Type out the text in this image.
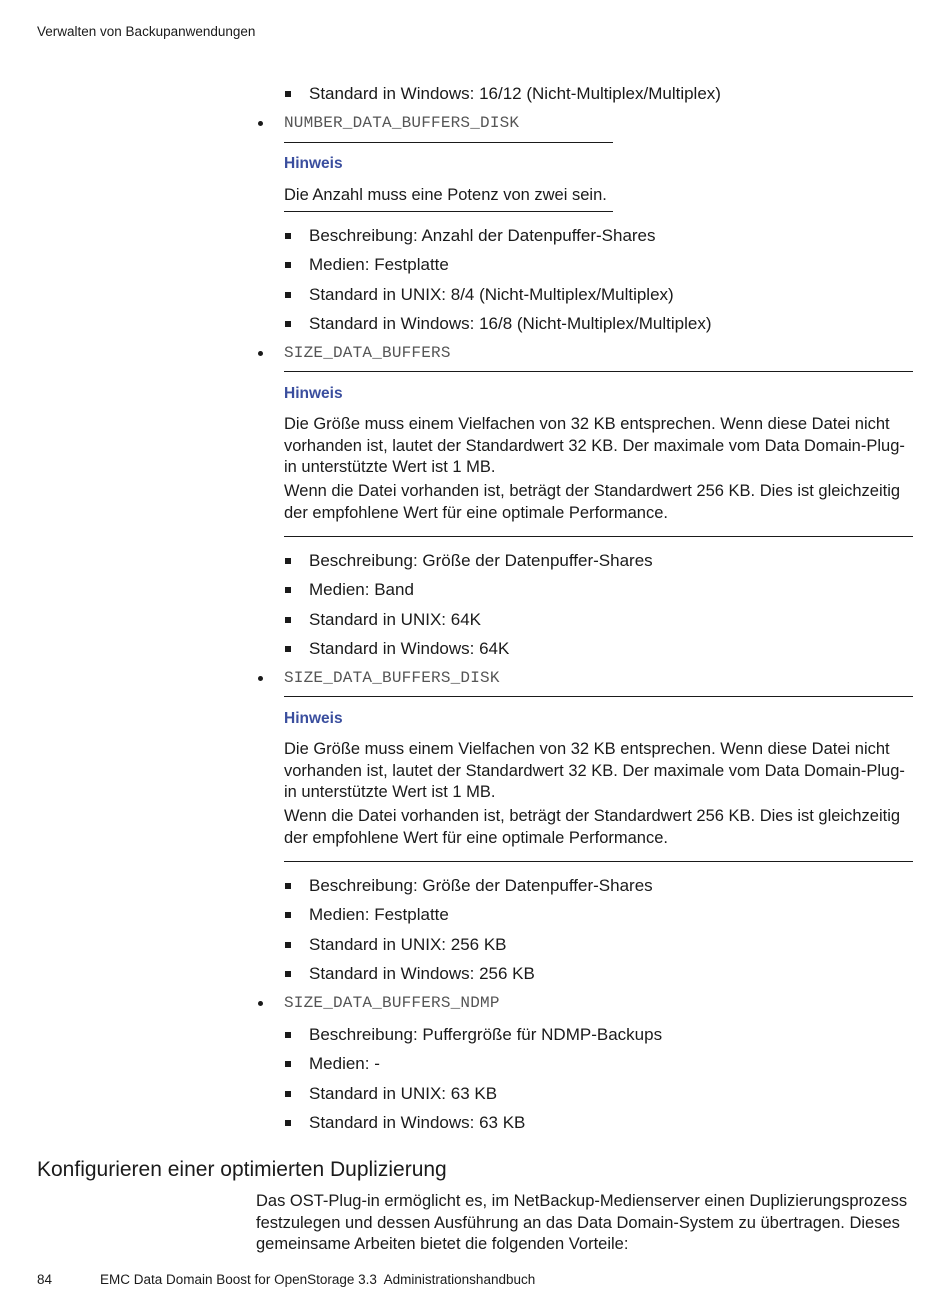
Verwalten von Backupanwendungen
Standard in Windows: 16/12 (Nicht-Multiplex/Multiplex)
NUMBER_DATA_BUFFERS_DISK
Hinweis
Die Anzahl muss eine Potenz von zwei sein.
Beschreibung: Anzahl der Datenpuffer-Shares
Medien: Festplatte
Standard in UNIX: 8/4 (Nicht-Multiplex/Multiplex)
Standard in Windows: 16/8 (Nicht-Multiplex/Multiplex)
SIZE_DATA_BUFFERS
Hinweis
Die Größe muss einem Vielfachen von 32 KB entsprechen. Wenn diese Datei nicht vorhanden ist, lautet der Standardwert 32 KB. Der maximale vom Data Domain-Plug-in unterstützte Wert ist 1 MB.
Wenn die Datei vorhanden ist, beträgt der Standardwert 256 KB. Dies ist gleichzeitig der empfohlene Wert für eine optimale Performance.
Beschreibung: Größe der Datenpuffer-Shares
Medien: Band
Standard in UNIX: 64K
Standard in Windows: 64K
SIZE_DATA_BUFFERS_DISK
Hinweis
Die Größe muss einem Vielfachen von 32 KB entsprechen. Wenn diese Datei nicht vorhanden ist, lautet der Standardwert 32 KB. Der maximale vom Data Domain-Plug-in unterstützte Wert ist 1 MB.
Wenn die Datei vorhanden ist, beträgt der Standardwert 256 KB. Dies ist gleichzeitig der empfohlene Wert für eine optimale Performance.
Beschreibung: Größe der Datenpuffer-Shares
Medien: Festplatte
Standard in UNIX: 256 KB
Standard in Windows: 256 KB
SIZE_DATA_BUFFERS_NDMP
Beschreibung: Puffergröße für NDMP-Backups
Medien: -
Standard in UNIX: 63 KB
Standard in Windows: 63 KB
Konfigurieren einer optimierten Duplizierung
Das OST-Plug-in ermöglicht es, im NetBackup-Medienserver einen Duplizierungsprozess festzulegen und dessen Ausführung an das Data Domain-System zu übertragen. Dieses gemeinsame Arbeiten bietet die folgenden Vorteile:
84	EMC Data Domain Boost for OpenStorage 3.3  Administrationshandbuch
